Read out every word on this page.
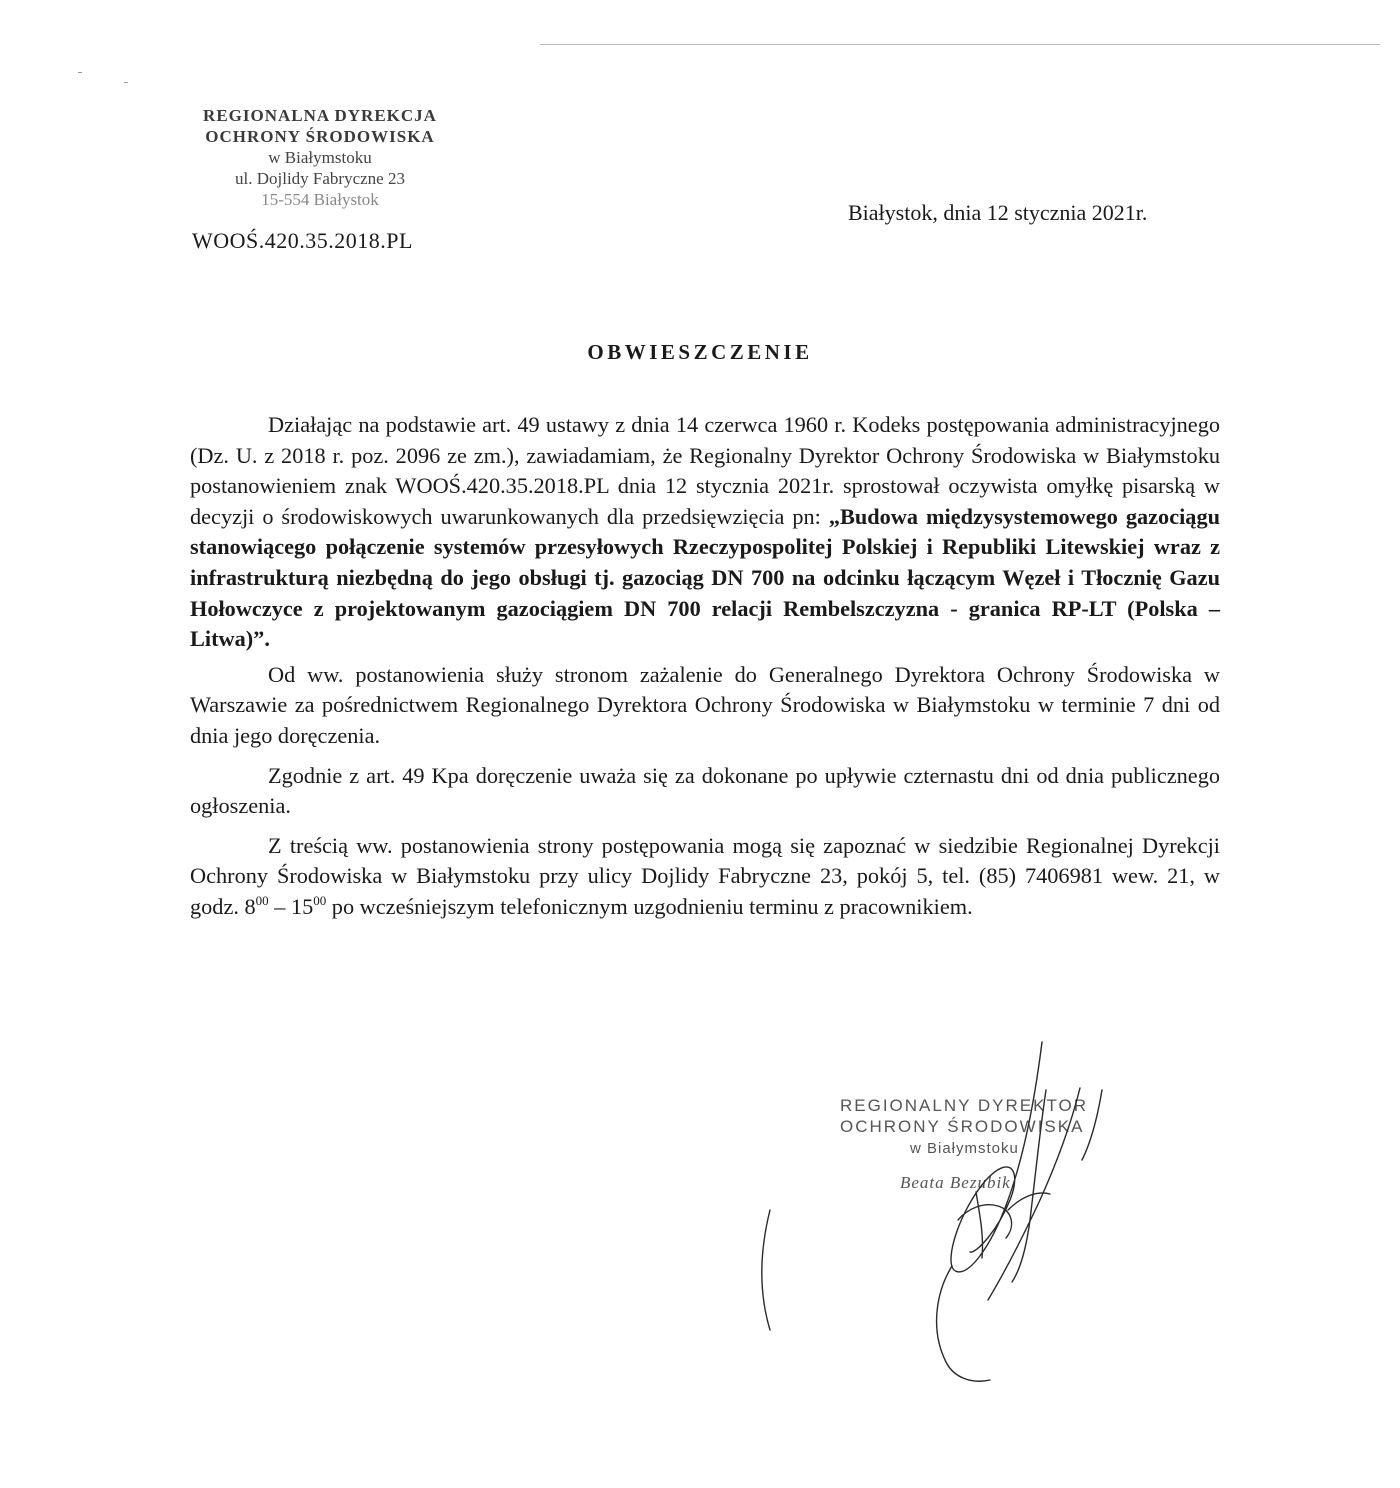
REGIONALNA DYREKCJA
OCHRONY ŚRODOWISKA
w Białymstoku
ul. Dojlidy Fabryczne 23
15-554 Białystok
WOOŚ.420.35.2018.PL
Białystok, dnia 12 stycznia 2021r.
OBWIESZCZENIE

Działając na podstawie art. 49 ustawy z dnia 14 czerwca 1960 r. Kodeks postępowania administracyjnego (Dz. U. z 2018 r. poz. 2096 ze zm.), zawiadamiam, że Regionalny Dyrektor Ochrony Środowiska w Białymstoku postanowieniem znak WOOŚ.420.35.2018.PL dnia 12 stycznia 2021r. sprostował oczywista omyłkę pisarską w decyzji o środowiskowych uwarunkowanych dla przedsięwzięcia pn: „Budowa międzysystemowego gazociągu stanowiącego połączenie systemów przesyłowych Rzeczypospolitej Polskiej i Republiki Litewskiej wraz z infrastrukturą niezbędną do jego obsługi tj. gazociąg DN 700 na odcinku łączącym Węzeł i Tłocznię Gazu Hołowczyce z projektowanym gazociągiem DN 700 relacji Rembelszczyzna - granica RP-LT (Polska – Litwa)”.

Od ww. postanowienia służy stronom zażalenie do Generalnego Dyrektora Ochrony Środowiska w Warszawie za pośrednictwem Regionalnego Dyrektora Ochrony Środowiska w Białymstoku w terminie 7 dni od dnia jego doręczenia.

Zgodnie z art. 49 Kpa doręczenie uważa się za dokonane po upływie czternastu dni od dnia publicznego ogłoszenia.

Z treścią ww. postanowienia strony postępowania mogą się zapoznać w siedzibie Regionalnej Dyrekcji Ochrony Środowiska w Białymstoku przy ulicy Dojlidy Fabryczne 23, pokój 5, tel. (85) 7406981 wew. 21, w godz. $8^{00} - 15^{00}$ po wcześniejszym telefonicznym uzgodnieniu terminu z pracownikiem.

REGIONALNY DYREKTOR
OCHRONY ŚRODOWISKA
w Białymstoku
Beata Bezubik
